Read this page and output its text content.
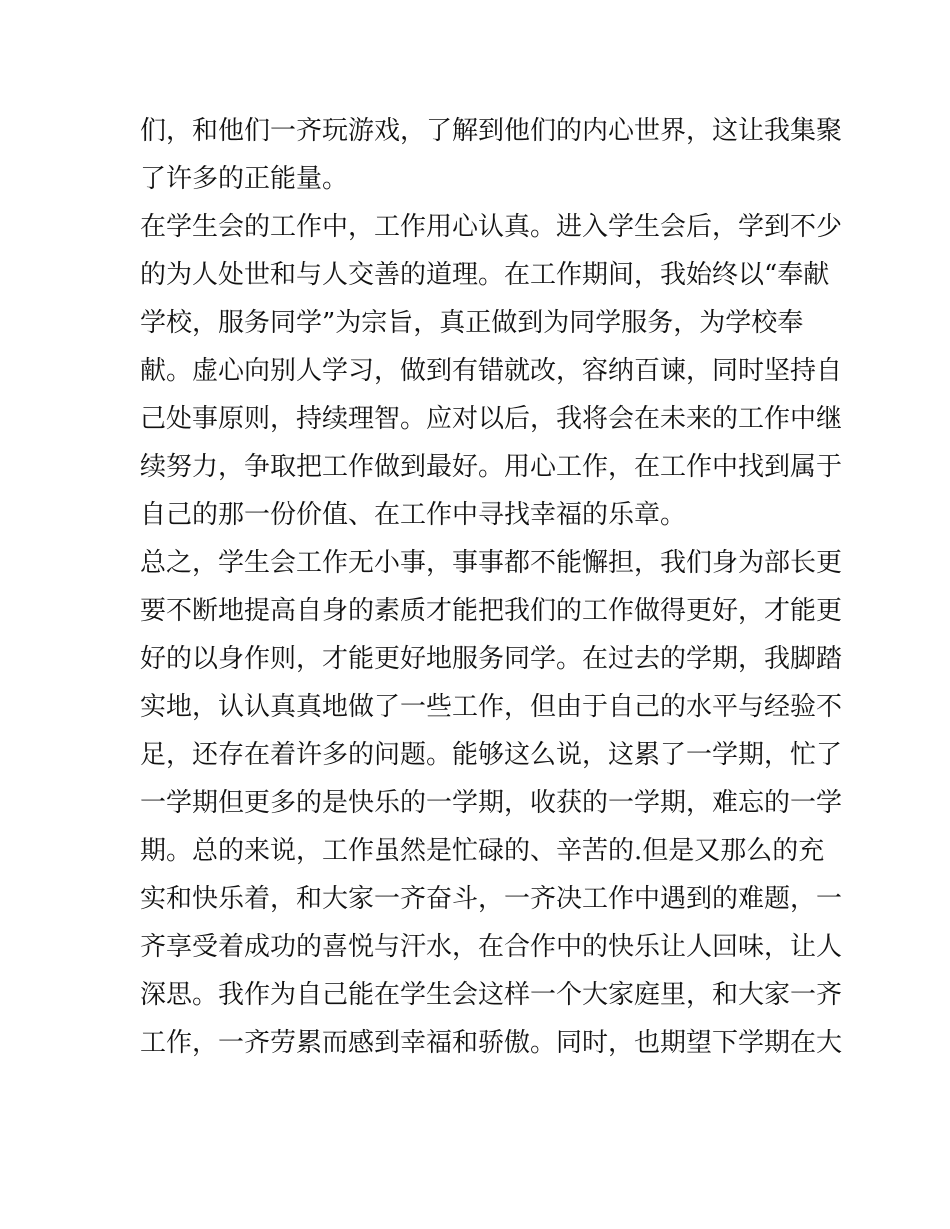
们，和他们一齐玩游戏，了解到他们的内心世界，这让我集聚
了许多的正能量。
在学生会的工作中，工作用心认真。进入学生会后，学到不少
的为人处世和与人交善的道理。在工作期间，我始终以“奉献
学校，服务同学”为宗旨，真正做到为同学服务，为学校奉
献。虚心向别人学习，做到有错就改，容纳百谏，同时坚持自
己处事原则，持续理智。应对以后，我将会在未来的工作中继
续努力，争取把工作做到最好。用心工作，在工作中找到属于
自己的那一份价值、在工作中寻找幸福的乐章。
总之，学生会工作无小事，事事都不能懈担，我们身为部长更
要不断地提高自身的素质才能把我们的工作做得更好，才能更
好的以身作则，才能更好地服务同学。在过去的学期，我脚踏
实地，认认真真地做了一些工作，但由于自己的水平与经验不
足，还存在着许多的问题。能够这么说，这累了一学期，忙了
一学期但更多的是快乐的一学期，收获的一学期，难忘的一学
期。总的来说，工作虽然是忙碌的、辛苦的.但是又那么的充
实和快乐着，和大家一齐奋斗，一齐决工作中遇到的难题，一
齐享受着成功的喜悦与汗水，在合作中的快乐让人回味，让人
深思。我作为自己能在学生会这样一个大家庭里，和大家一齐
工作，一齐劳累而感到幸福和骄傲。同时，也期望下学期在大
